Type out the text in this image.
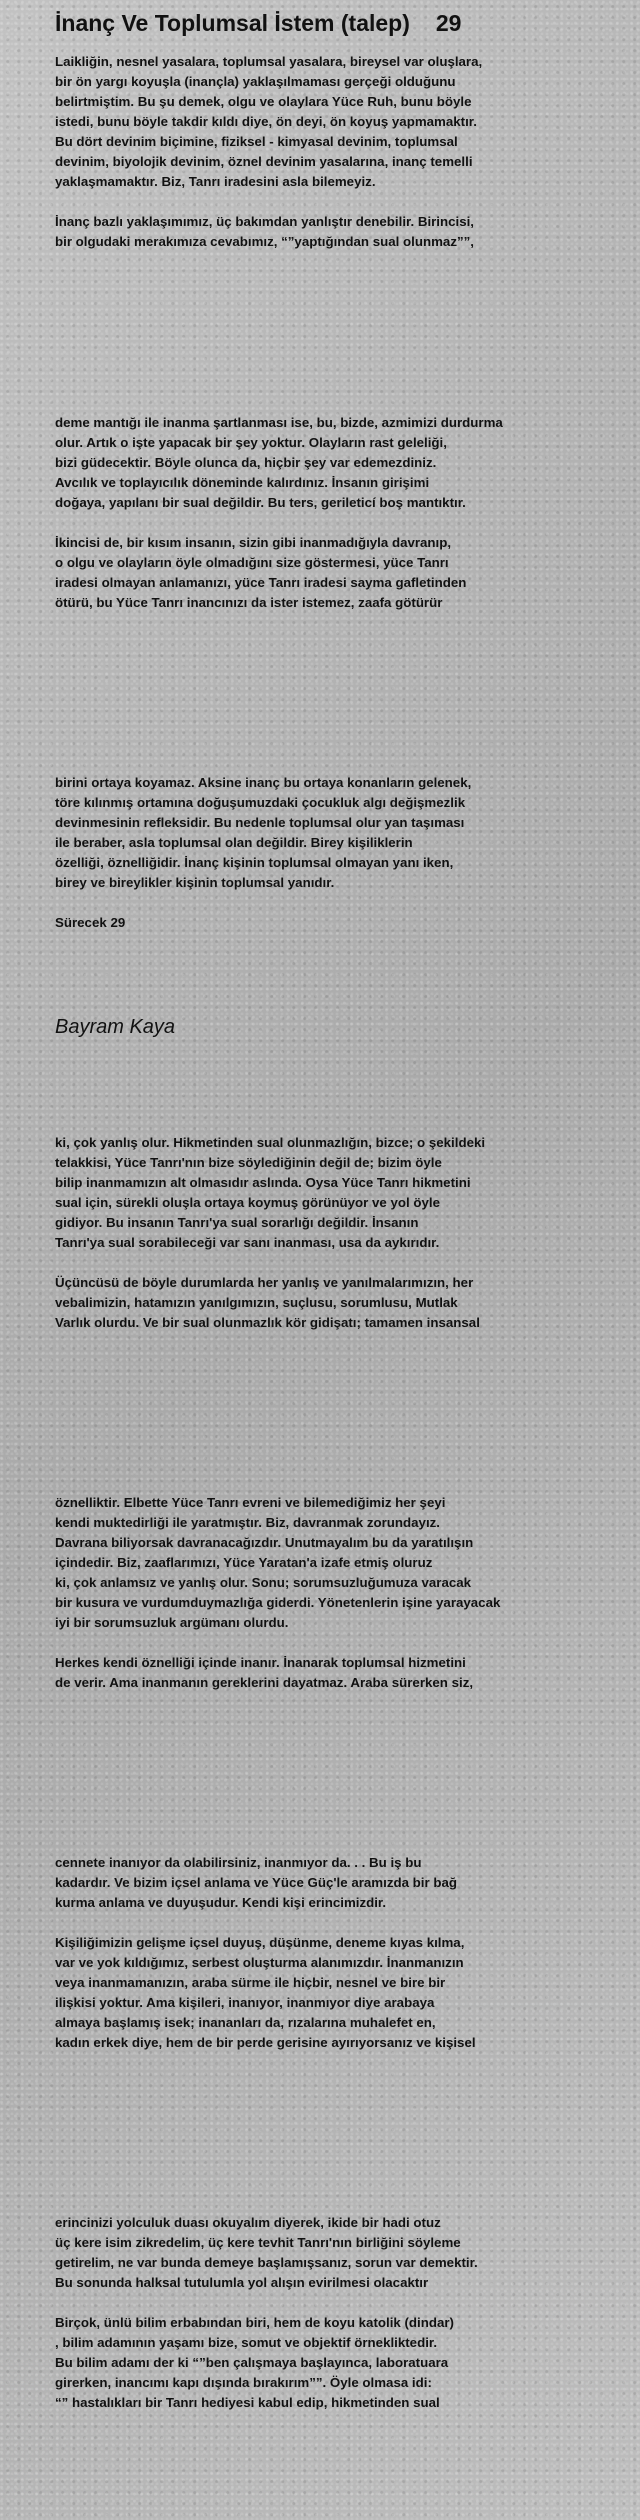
İnanç Ve Toplumsal İstem (talep) 29

Laikliğin, nesnel yasalara, toplumsal yasalara, bireysel var oluşlara,

bir ön yargı koyuşla (inançla) yaklaşılmaması gerçeği olduğunu

belirtmiştim. Bu şu demek, olgu ve olaylara Yüce Ruh, bunu böyle

istedi, bunu böyle takdir kıldı diye, ön deyi, ön koyuş yapmamaktır.

Bu dört devinim biçimine, fiziksel - kimyasal devinim, toplumsal

devinim, biyolojik devinim, öznel devinim yasalarına, inanç temelli

yaklaşmamaktır. Biz, Tanrı iradesini asla bilemeyiz.

İnanç bazlı yaklaşımımız, üç bakımdan yanlıştır denebilir. Birincisi,

bir olgudaki merakımıza cevabımız, “”yaptığından sual olunmaz””,

deme mantığı ile inanma şartlanması ise, bu, bizde, azmimizi durdurma

olur. Artık o işte yapacak bir şey yoktur. Olayların rast geleliği,

bizi güdecektir. Böyle olunca da, hiçbir şey var edemezdiniz.

Avcılık ve toplayıcılık döneminde kalırdınız. İnsanın girişimi

doğaya, yapılanı bir sual değildir. Bu ters, gerileticí boş mantıktır.

İkincisi de, bir kısım insanın, sizin gibi inanmadığıyla davranıp,

o olgu ve olayların öyle olmadığını size göstermesi, yüce Tanrı

iradesi olmayan anlamanızı, yüce Tanrı iradesi sayma gafletinden

ötürü, bu Yüce Tanrı inancınızı da ister istemez, zaafa götürür

birini ortaya koyamaz. Aksine inanç bu ortaya konanların gelenek,

töre kılınmış ortamına doğuşumuzdaki çocukluk algı değişmezlik

devinmesinin refleksidir. Bu nedenle toplumsal olur yan taşıması

ile beraber, asla toplumsal olan değildir. Birey kişiliklerin

özelliği, öznelliğidir. İnanç kişinin toplumsal olmayan yanı iken,

birey ve bireylikler kişinin toplumsal yanıdır.

Sürecek 29

Bayram Kaya

ki, çok yanlış olur. Hikmetinden sual olunmazlığın, bizce; o şekildeki

telakkisi, Yüce Tanrı'nın bize söylediğinin değil de; bizim öyle

bilip inanmamızın alt olmasıdır aslında. Oysa Yüce Tanrı hikmetini

sual için, sürekli oluşla ortaya koymuş görünüyor ve yol öyle

gidiyor. Bu insanın Tanrı'ya sual sorarlığı değildir. İnsanın

Tanrı'ya sual sorabileceği var sanı inanması, usa da aykırıdır.

Üçüncüsü de böyle durumlarda her yanlış ve yanılmalarımızın, her

vebalimizin, hatamızın yanılgımızın, suçlusu, sorumlusu, Mutlak

Varlık olurdu. Ve bir sual olunmazlık kör gidişatı; tamamen insansal

öznelliktir. Elbette Yüce Tanrı evreni ve bilemediğimiz her şeyi

kendi muktedirliği ile yaratmıştır. Biz, davranmak zorundayız.

Davrana biliyorsak davranacağızdır. Unutmayalım bu da yaratılışın

içindedir. Biz, zaaflarımızı, Yüce Yaratan'a izafe etmiş oluruz

ki, çok anlamsız ve yanlış olur. Sonu; sorumsuzluğumuza varacak

bir kusura ve vurdumduymazlığa giderdi. Yönetenlerin işine yarayacak

iyi bir sorumsuzluk argümanı olurdu.

Herkes kendi öznelliği içinde inanır. İnanarak toplumsal hizmetini

de verir. Ama inanmanın gereklerini dayatmaz. Araba sürerken siz,

cennete inanıyor da olabilirsiniz, inanmıyor da. . . Bu iş bu

kadardır. Ve bizim içsel anlama ve Yüce Güç'le aramızda bir bağ

kurma anlama ve duyuşudur. Kendi kişi erincimizdir.

Kişiliğimizin gelişme içsel duyuş, düşünme, deneme kıyas kılma,

var ve yok kıldığımız, serbest oluşturma alanımızdır. İnanmanızın

veya inanmamanızın, araba sürme ile hiçbir, nesnel ve bire bir

ilişkisi yoktur. Ama kişileri, inanıyor, inanmıyor diye arabaya

almaya başlamış isek; inananları da, rızalarına muhalefet en,

kadın erkek diye, hem de bir perde gerisine ayırıyorsanız ve kişisel

erincinizi yolculuk duası okuyalım diyerek, ikide bir hadi otuz

üç kere isim zikredelim, üç kere tevhit Tanrı'nın birliğini söyleme

getirelim, ne var bunda demeye başlamışsanız, sorun var demektir.

Bu sonunda halksal tutulumla yol alışın evirilmesi olacaktır

Birçok, ünlü bilim erbabından biri, hem de koyu katolik (dindar)

, bilim adamının yaşamı bize, somut ve objektif örnekliktedir.

Bu bilim adamı der ki “”ben çalışmaya başlayınca, laboratuara

girerken, inancımı kapı dışında bırakırım””. Öyle olmasa idi:

“” hastalıkları bir Tanrı hediyesi kabul edip, hikmetinden sual
